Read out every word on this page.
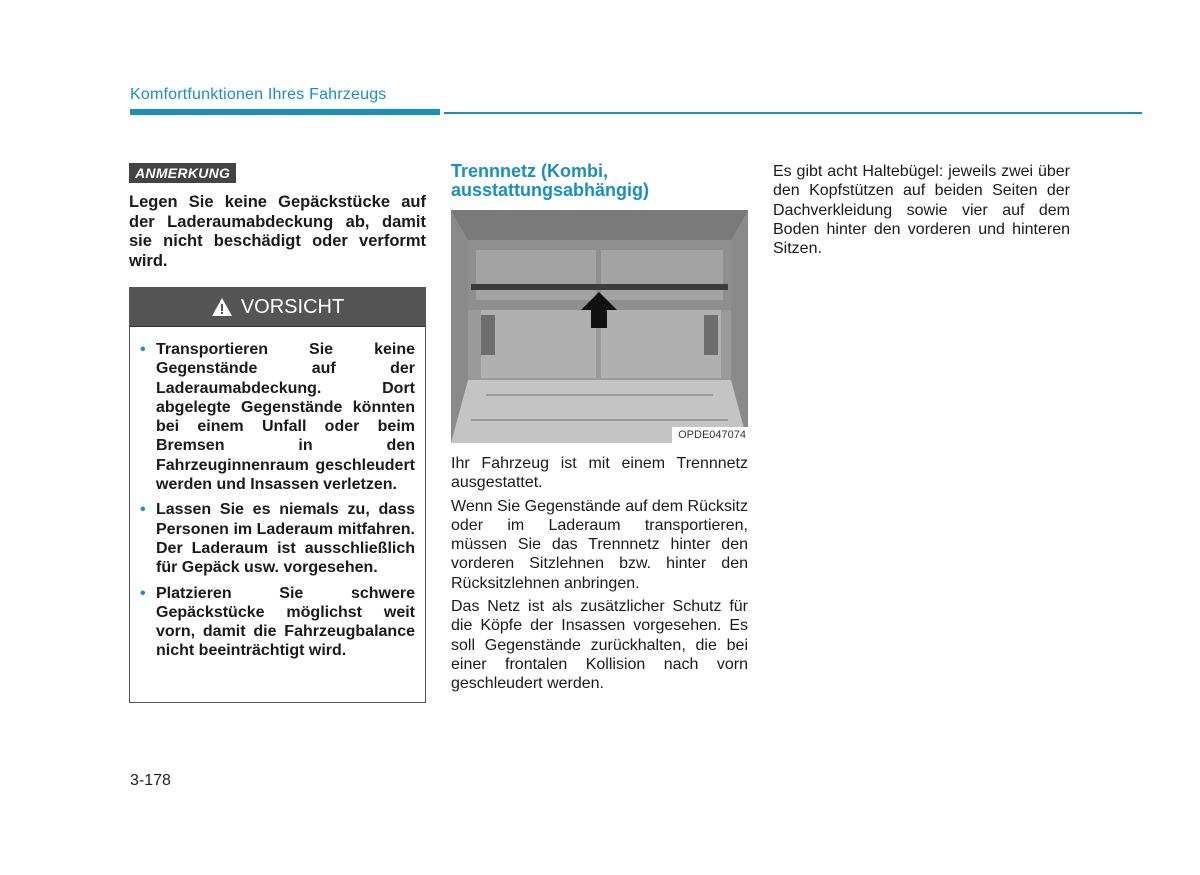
Komfortfunktionen Ihres Fahrzeugs
ANMERKUNG
Legen Sie keine Gepäckstücke auf der Laderaumabdeckung ab, damit sie nicht beschädigt oder verformt wird.
VORSICHT
• Transportieren Sie keine Gegenstände auf der Laderaumabdeckung. Dort abgelegte Gegenstände könnten bei einem Unfall oder beim Bremsen in den Fahrzeuginnenraum geschleudert werden und Insassen verletzen.
• Lassen Sie es niemals zu, dass Personen im Laderaum mitfahren. Der Laderaum ist ausschließlich für Gepäck usw. vorgesehen.
• Platzieren Sie schwere Gepäckstücke möglichst weit vorn, damit die Fahrzeugbalance nicht beeinträchtigt wird.
Trennnetz (Kombi, ausstattungsabhängig)
OPDE047074

Ihr Fahrzeug ist mit einem Trennnetz ausgestattet.

Wenn Sie Gegenstände auf dem Rücksitz oder im Laderaum transportieren, müssen Sie das Trennnetz hinter den vorderen Sitzlehnen bzw. hinter den Rücksitzlehnen anbringen.

Das Netz ist als zusätzlicher Schutz für die Köpfe der Insassen vorgesehen. Es soll Gegenstände zurückhalten, die bei einer frontalen Kollision nach vorn geschleudert werden.

Es gibt acht Haltebügel: jeweils zwei über den Kopfstützen auf beiden Seiten der Dachverkleidung sowie vier auf dem Boden hinter den vorderen und hinteren Sitzen.

3-178
